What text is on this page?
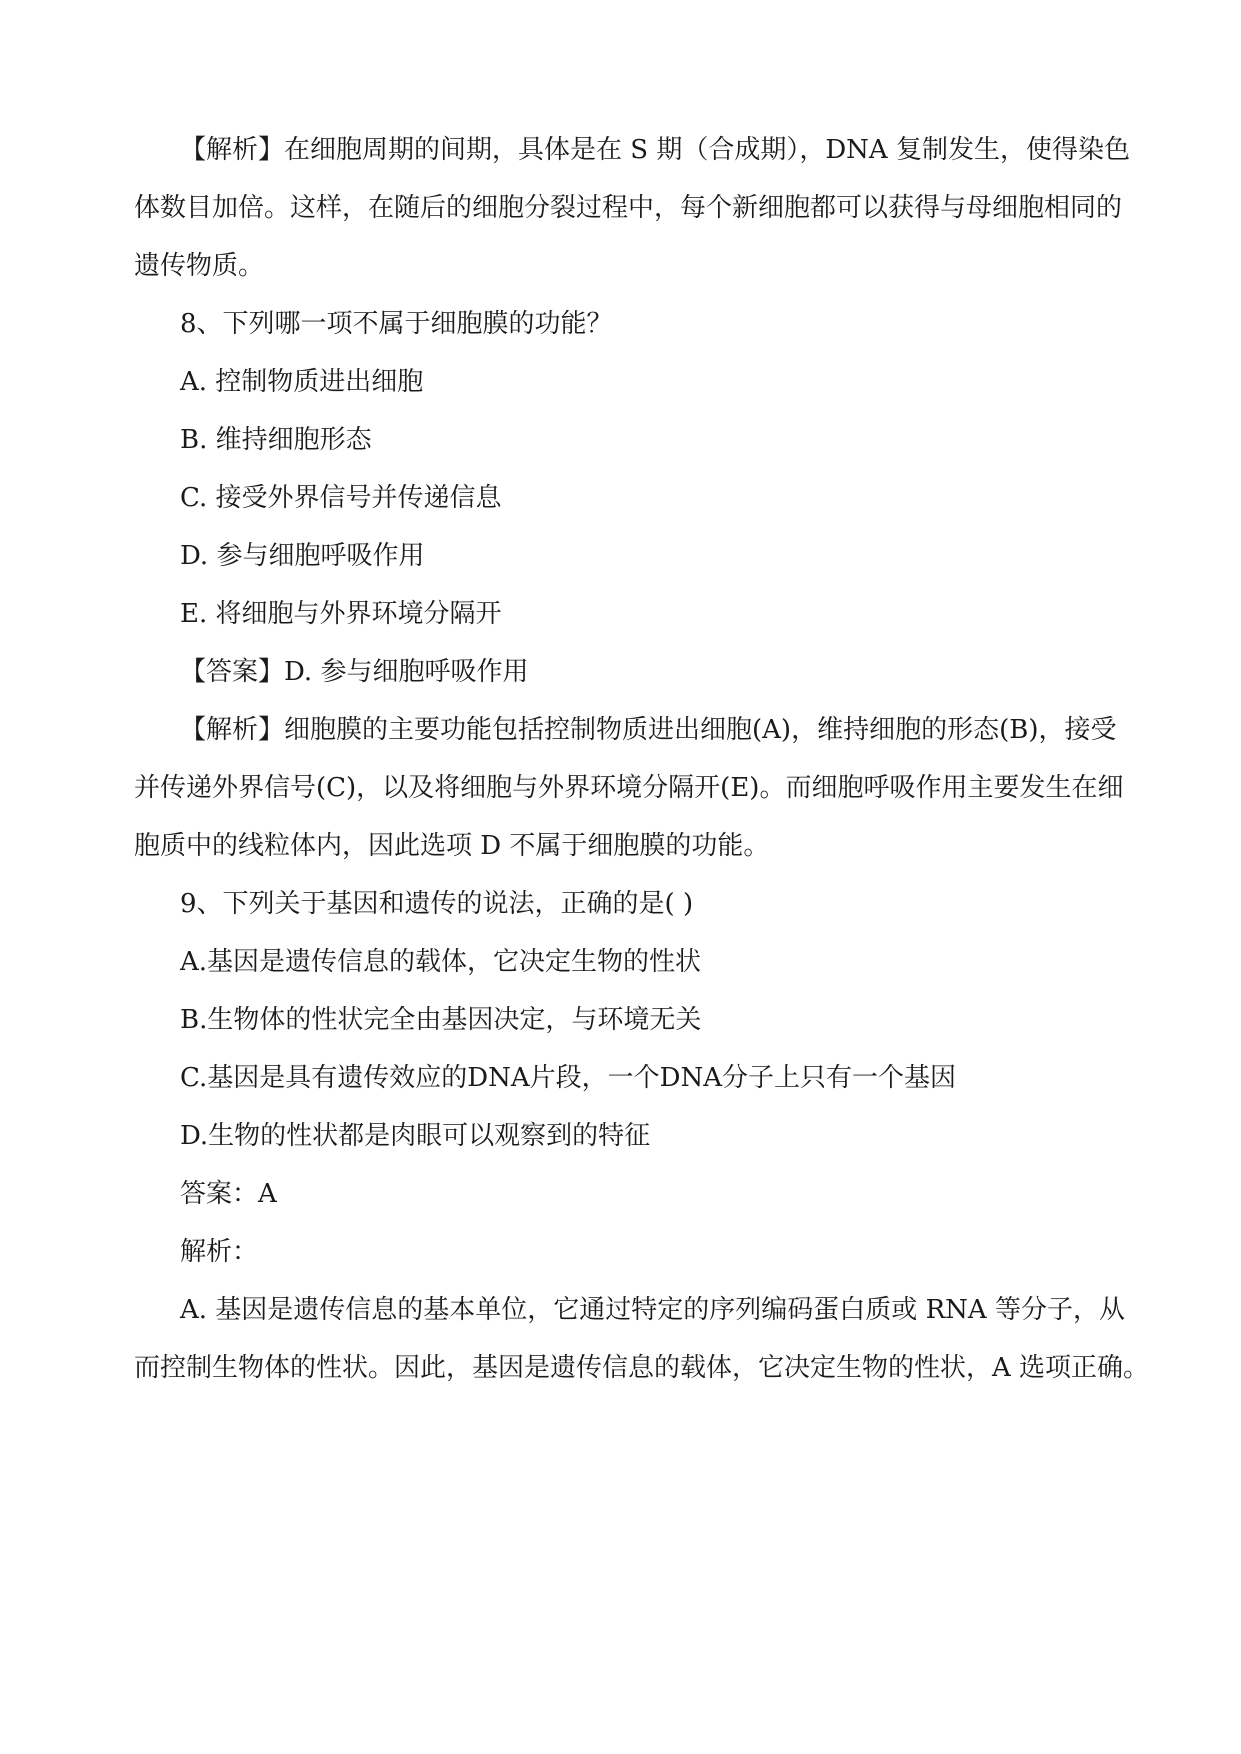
【解析】在细胞周期的间期，具体是在 S 期（合成期），DNA 复制发生，使得染色
体数目加倍。这样，在随后的细胞分裂过程中，每个新细胞都可以获得与母细胞相同的
遗传物质。
8、下列哪一项不属于细胞膜的功能？
A. 控制物质进出细胞
B. 维持细胞形态
C. 接受外界信号并传递信息
D. 参与细胞呼吸作用
E. 将细胞与外界环境分隔开
【答案】D. 参与细胞呼吸作用
【解析】细胞膜的主要功能包括控制物质进出细胞(A)，维持细胞的形态(B)，接受
并传递外界信号(C)，以及将细胞与外界环境分隔开(E)。而细胞呼吸作用主要发生在细
胞质中的线粒体内，因此选项 D 不属于细胞膜的功能。
9、下列关于基因和遗传的说法，正确的是( )
A.基因是遗传信息的载体，它决定生物的性状
B.生物体的性状完全由基因决定，与环境无关
C.基因是具有遗传效应的DNA片段，一个DNA分子上只有一个基因
D.生物的性状都是肉眼可以观察到的特征
答案：A
解析：
A. 基因是遗传信息的基本单位，它通过特定的序列编码蛋白质或 RNA 等分子，从
而控制生物体的性状。因此，基因是遗传信息的载体，它决定生物的性状，A 选项正确。
